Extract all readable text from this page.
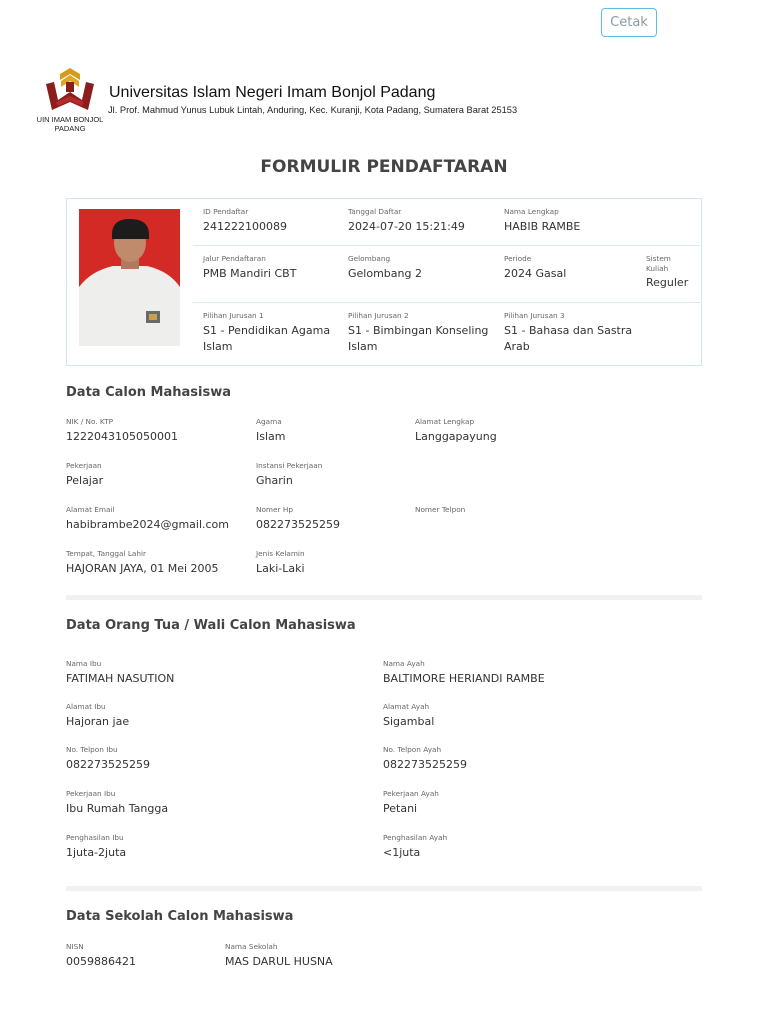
Cetak
UIN IMAM BONJOL PADANG
Universitas Islam Negeri Imam Bonjol Padang
Jl. Prof. Mahmud Yunus Lubuk Lintah, Anduring, Kec. Kuranji, Kota Padang, Sumatera Barat 25153
FORMULIR PENDAFTARAN
ID Pendaftar
241222100089
Tanggal Daftar
2024-07-20 15:21:49
Nama Lengkap
HABIB RAMBE
Jalur Pendaftaran
PMB Mandiri CBT
Gelombang
Gelombang 2
Periode
2024 Gasal
Sistem Kuliah
Reguler
Pilihan Jurusan 1
S1 - Pendidikan Agama Islam
Pilihan Jurusan 2
S1 - Bimbingan Konseling Islam
Pilihan Jurusan 3
S1 - Bahasa dan Sastra Arab
Data Calon Mahasiswa
NIK / No. KTP
1222043105050001
Agama
Islam
Alamat Lengkap
Langgapayung
Pekerjaan
Pelajar
Instansi Pekerjaan
Gharin
Alamat Email
habibrambe2024@gmail.com
Nomer Hp
082273525259
Nomer Telpon
Tempat, Tanggal Lahir
HAJORAN JAYA, 01 Mei 2005
Jenis Kelamin
Laki-Laki
Data Orang Tua / Wali Calon Mahasiswa
Nama Ibu
FATIMAH NASUTION
Nama Ayah
BALTIMORE HERIANDI RAMBE
Alamat Ibu
Hajoran jae
Alamat Ayah
Sigambal
No. Telpon Ibu
082273525259
No. Telpon Ayah
082273525259
Pekerjaan Ibu
Ibu Rumah Tangga
Pekerjaan Ayah
Petani
Penghasilan Ibu
1juta-2juta
Penghasilan Ayah
<1juta
Data Sekolah Calon Mahasiswa
NISN
0059886421
Nama Sekolah
MAS DARUL HUSNA
